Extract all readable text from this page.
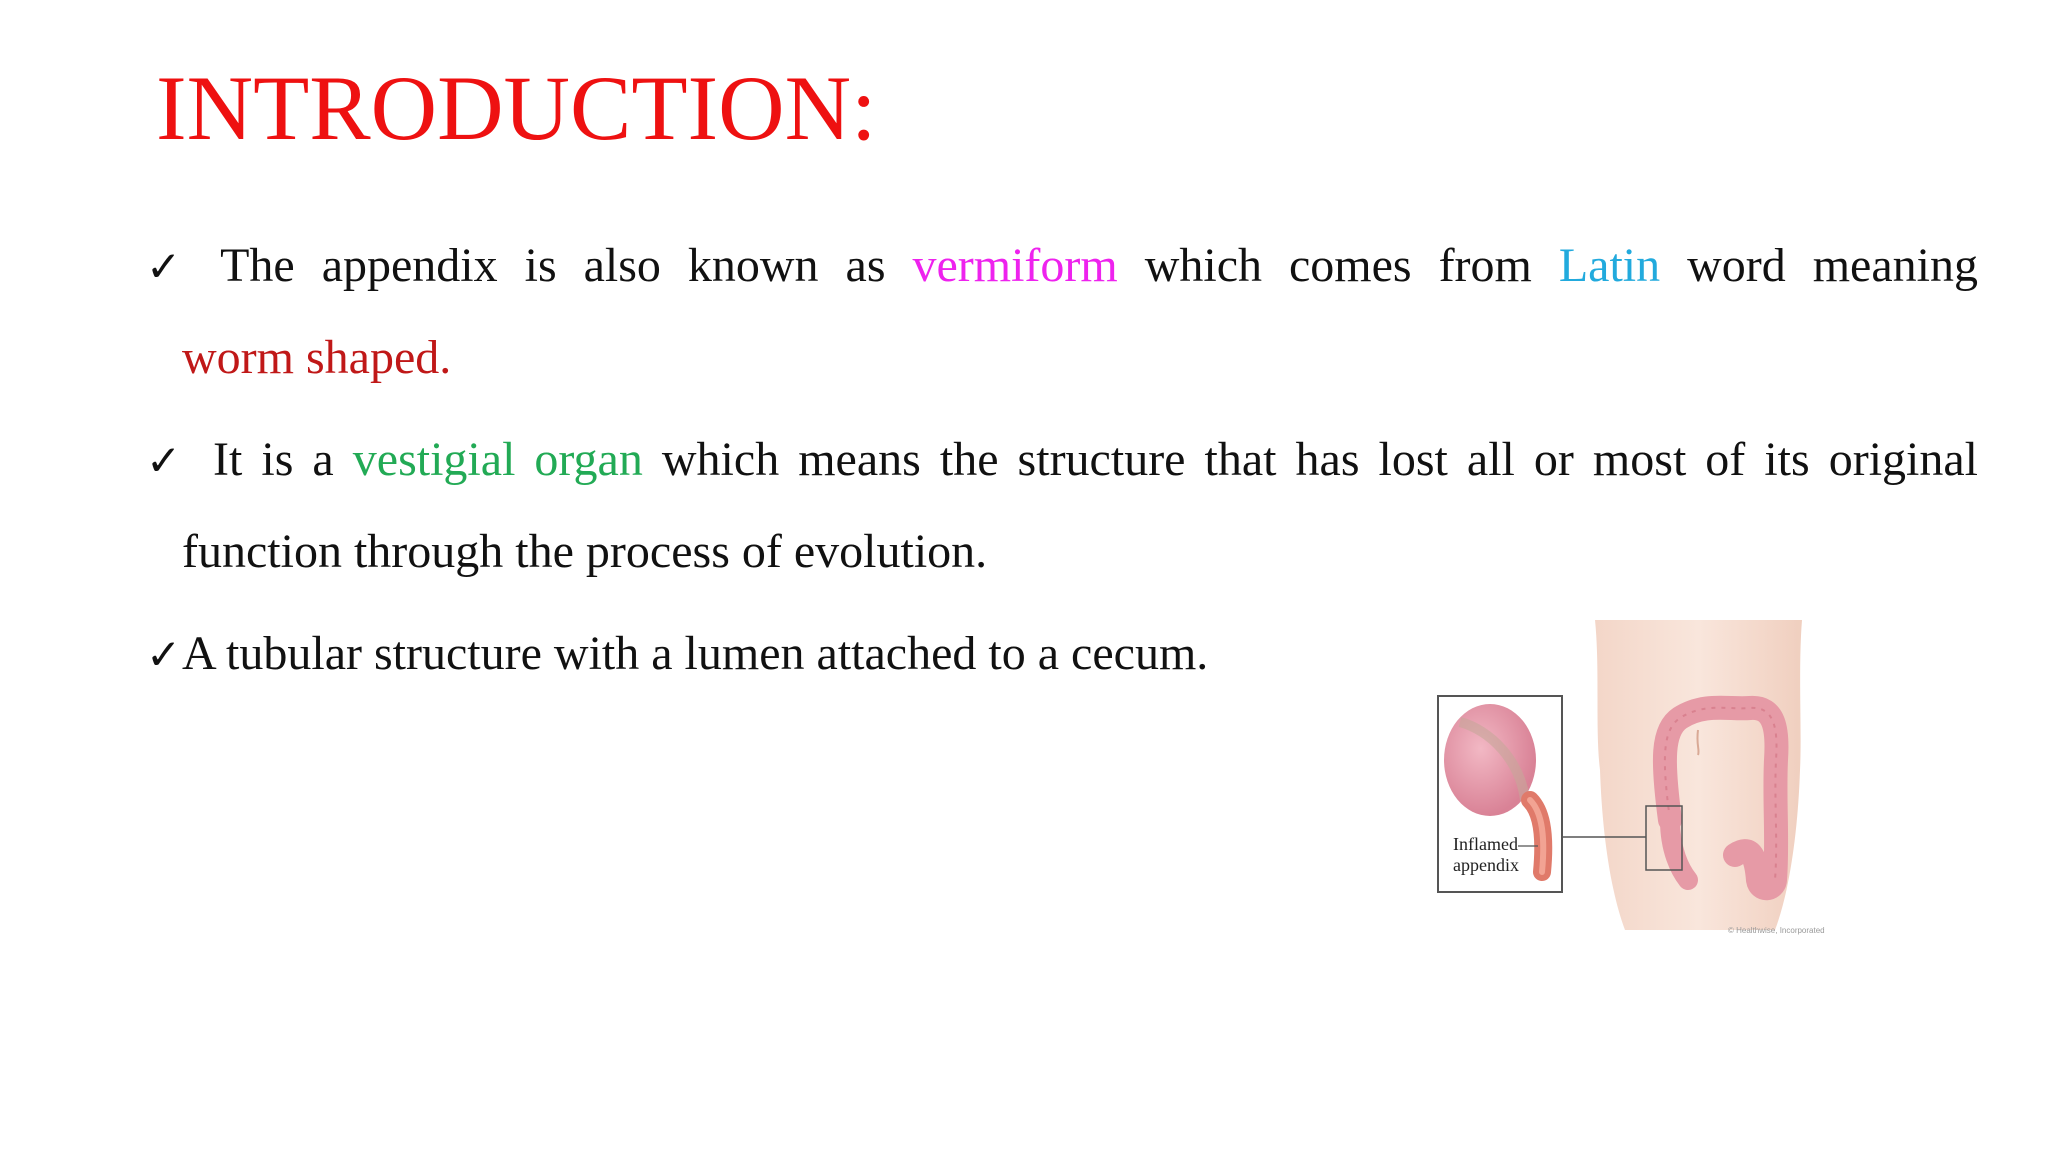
INTRODUCTION:
✓ The appendix is also known as vermiform which comes from Latin word meaning
worm shaped.
✓ It is a vestigial organ which means the structure that has lost all or most of its original
function through the process of evolution.
✓A tubular structure with a lumen attached to a cecum.
Inflamed
appendix
© Healthwise, Incorporated
